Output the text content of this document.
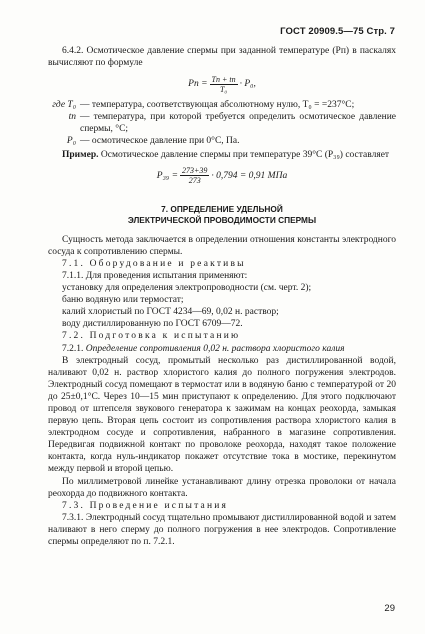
ГОСТ 20909.5—75 Стр. 7

6.4.2. Осмотическое давление спермы при заданной температуре (Pп) в паскалях вычисляют по формуле

Pп = $\frac{Tп + tп}{\text{T₀}} \cdot P_0$,
где T₀ — температура, соответствующая абсолютному нулю, T₀ = =237°С;
tп — температура, при которой требуется определить осмотическое давление спермы, °С;
P₀ — осмотическое давление при 0°С, Па.

Пример. Осмотическое давление спермы при температуре 39°С (P₃₉) составляет

$P_{39} = \frac{273+39}{273} \cdot 0,794 = 0,91$ МПа
7. ОПРЕДЕЛЕНИЕ УДЕЛЬНОЙ
ЭЛЕКТРИЧЕСКОЙ ПРОВОДИМОСТИ СПЕРМЫ

Сущность метода заключается в определении отношения константы электродного сосуда к сопротивлению спермы.

7.1. Оборудование и реактивы

7.1.1. Для проведения испытания применяют:

установку для определения электропроводности (см. черт. 2);

баню водяную или термостат;

калий хлористый по ГОСТ 4234—69, 0,02 н. раствор;

воду дистиллированную по ГОСТ 6709—72.

7.2. Подготовка к испытанию

7.2.1. Определение сопротивления 0,02 н. раствора хлористого калия

В электродный сосуд, промытый несколько раз дистиллированной водой, наливают 0,02 н. раствор хлористого калия до полного погружения электродов. Электродный сосуд помещают в термостат или в водяную баню с температурой от 20 до 25±0,1°С. Через 10—15 мин приступают к определению. Для этого подключают провод от штепселя звукового генератора к зажимам на концах реохорда, замыкая первую цепь. Вторая цепь состоит из сопротивления раствора хлористого калия в электродном сосуде и сопротивления, набранного в магазине сопротивления. Передвигая подвижной контакт по проволоке реохорда, находят такое положение контакта, когда нуль-индикатор покажет отсутствие тока в мостике, перекинутом между первой и второй цепью.

По миллиметровой линейке устанавливают длину отрезка проволоки от начала реохорда до подвижного контакта.

7.3. Проведение испытания

7.3.1. Электродный сосуд тщательно промывают дистиллированной водой и затем наливают в него сперму до полного погружения в нее электродов. Сопротивление спермы определяют по п. 7.2.1.

29
